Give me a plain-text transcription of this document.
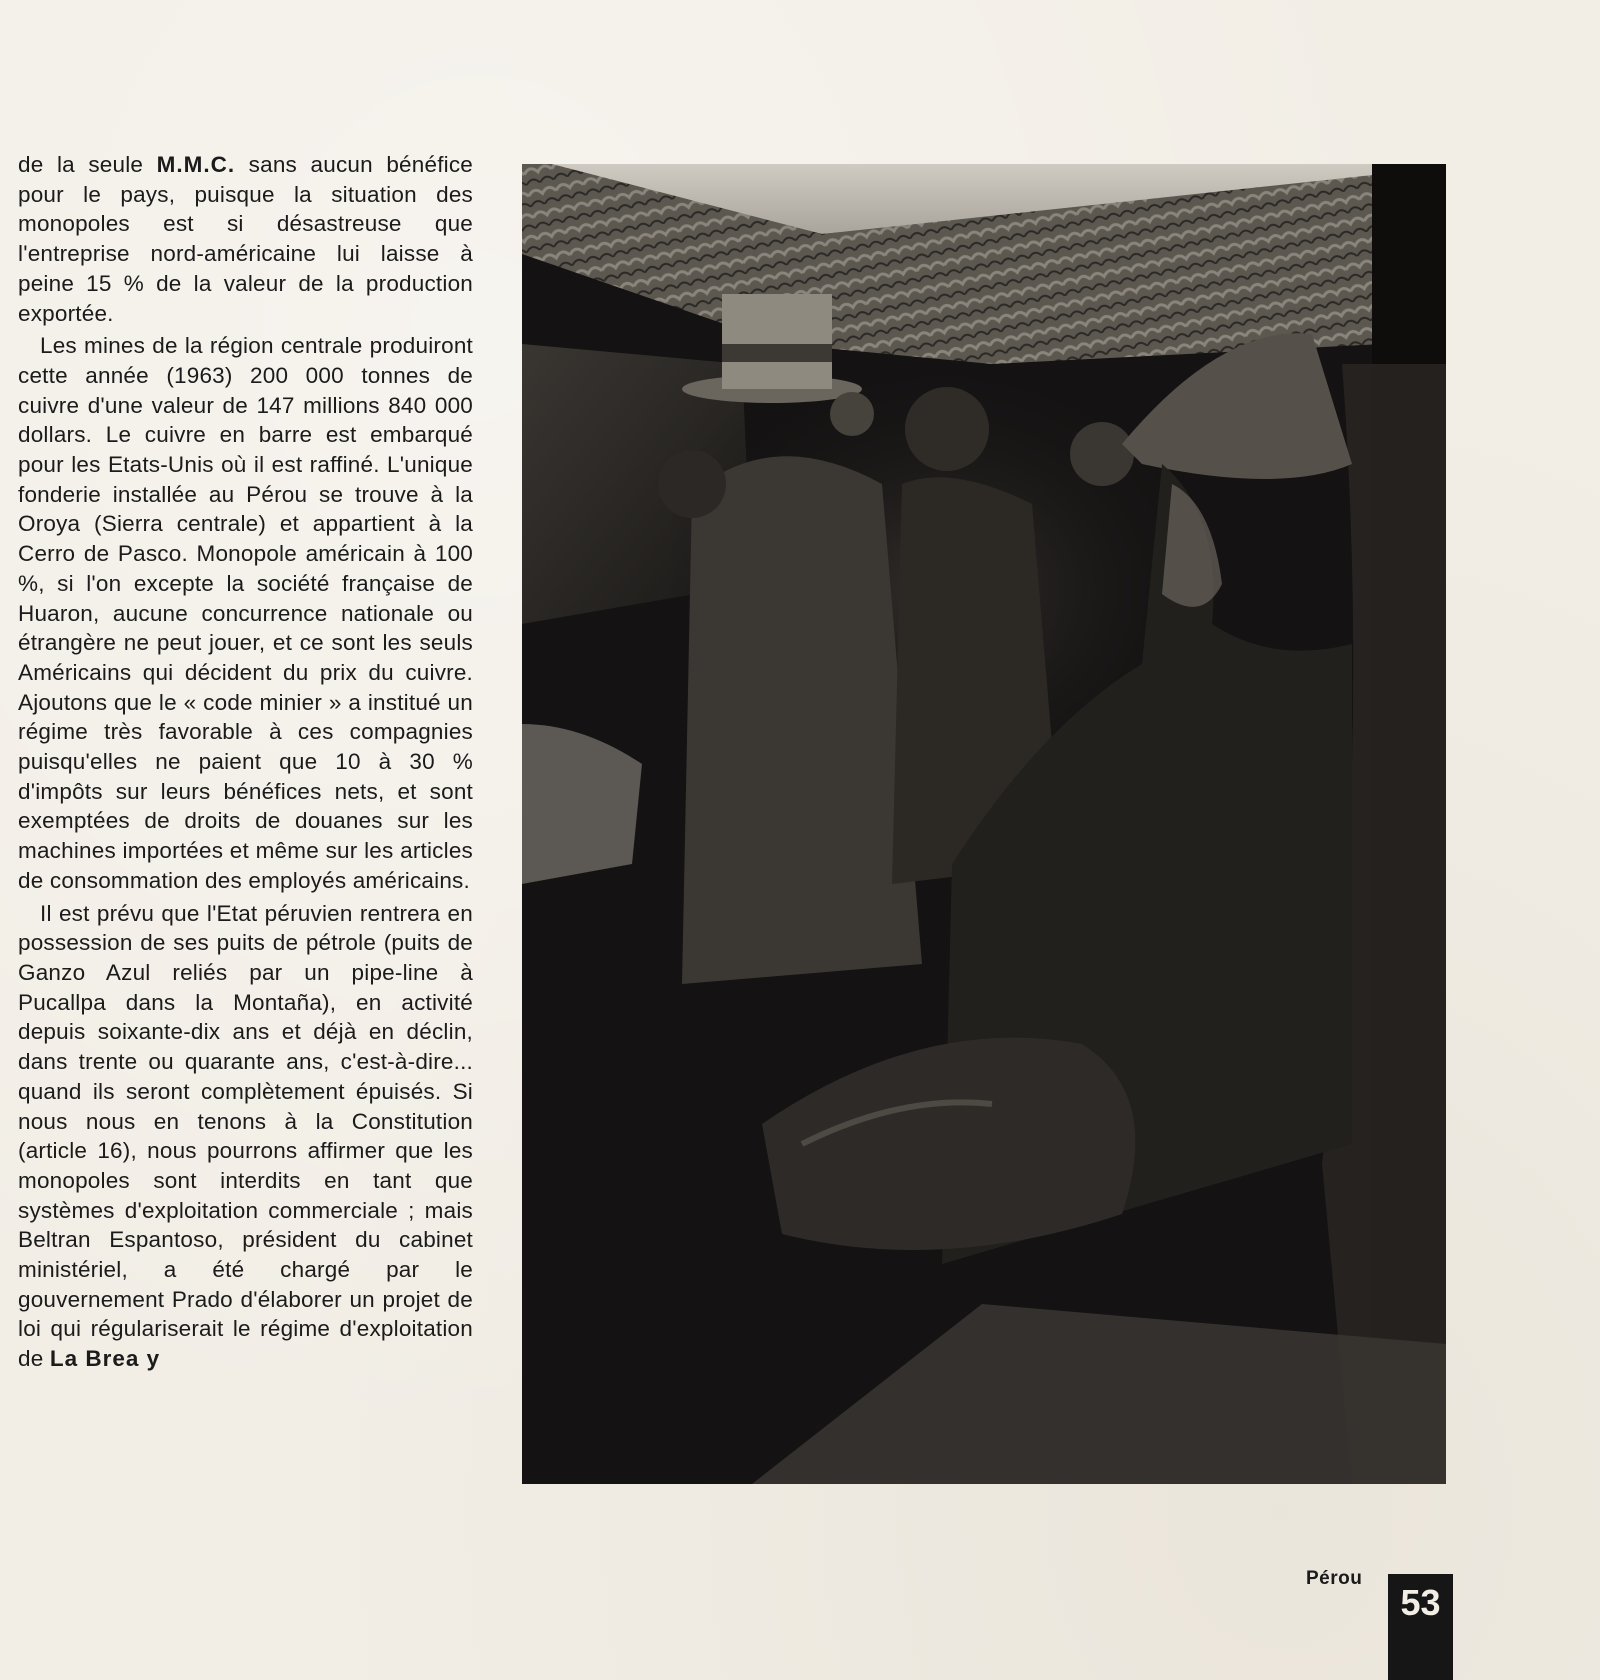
de la seule M.M.C. sans aucun bénéfice pour le pays, puisque la situation des monopoles est si désastreuse que l'entreprise nord-américaine lui laisse à peine 15 % de la valeur de la production exportée.

Les mines de la région centrale produiront cette année (1963) 200 000 tonnes de cuivre d'une valeur de 147 millions 840 000 dollars. Le cuivre en barre est embarqué pour les Etats-Unis où il est raffiné. L'unique fonderie installée au Pérou se trouve à la Oroya (Sierra centrale) et appartient à la Cerro de Pasco. Monopole américain à 100 %, si l'on excepte la société française de Huaron, aucune concurrence nationale ou étrangère ne peut jouer, et ce sont les seuls Américains qui décident du prix du cuivre. Ajoutons que le « code minier » a institué un régime très favorable à ces compagnies puisqu'elles ne paient que 10 à 30 % d'impôts sur leurs bénéfices nets, et sont exemptées de droits de douanes sur les machines importées et même sur les articles de consommation des employés américains.

Il est prévu que l'Etat péruvien rentrera en possession de ses puits de pétrole (puits de Ganzo Azul reliés par un pipe-line à Pucallpa dans la Montaña), en activité depuis soixante-dix ans et déjà en déclin, dans trente ou quarante ans, c'est-à-dire... quand ils seront complètement épuisés. Si nous nous en tenons à la Constitution (article 16), nous pourrons affirmer que les monopoles sont interdits en tant que systèmes d'exploitation commerciale ; mais Beltran Espantoso, président du cabinet ministériel, a été chargé par le gouvernement Prado d'élaborer un projet de loi qui régulariserait le régime d'exploitation de La Brea y

Pérou
53
